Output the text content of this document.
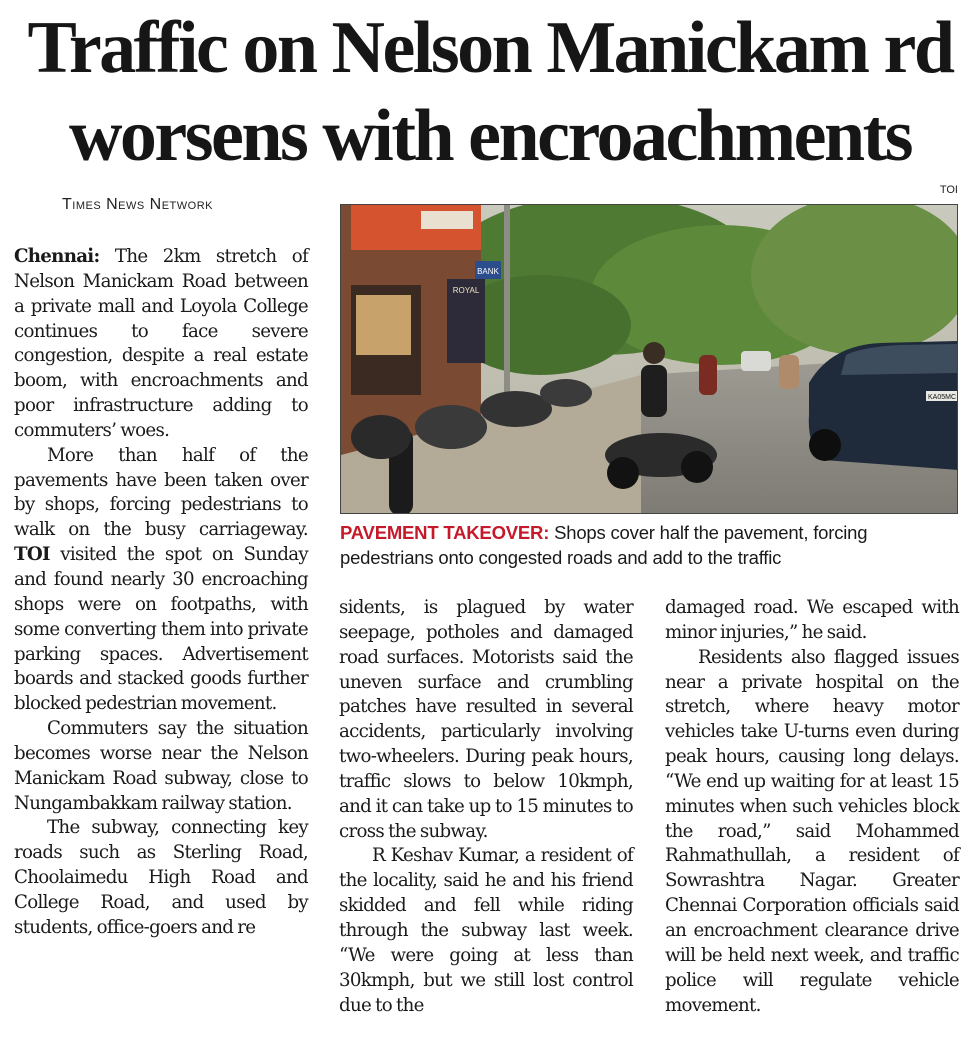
Traffic on Nelson Manickam rd
worsens with encroachments
Times News Network
TOI
ROYAL
BANK
KA05MC
PAVEMENT TAKEOVER: Shops cover half the pavement, forcing pedestrians onto congested roads and add to the traffic

Chennai: The 2km stretch of Nelson Manickam Road between a private mall and Loyola College continues to face severe congestion, despite a real estate boom, with encroachments and poor infrastructure adding to commuters’ woes.

More than half of the pavements have been taken over by shops, forcing pedestrians to walk on the busy carriageway. TOI visited the spot on Sunday and found nearly 30 encroaching shops were on footpaths, with some converting them into private parking spaces. Advertisement boards and stacked goods further blocked pedestrian movement.

Commuters say the situation becomes worse near the Nelson Manickam Road subway, close to Nungambakkam railway station.

The subway, connecting key roads such as Sterling Road, Choolaimedu High Road and College Road, and used by students, office-goers and re

sidents, is plagued by water seepage, potholes and damaged road surfaces. Motorists said the uneven surface and crumbling patches have resulted in several accidents, particularly involving two-wheelers. During peak hours, traffic slows to below 10kmph, and it can take up to 15 minutes to cross the subway.

R Keshav Kumar, a resident of the locality, said he and his friend skidded and fell while riding through the subway last week. “We were going at less than 30kmph, but we still lost control due to the

damaged road. We escaped with minor injuries,” he said.

Residents also flagged issues near a private hospital on the stretch, where heavy motor vehicles take U-turns even during peak hours, causing long delays. “We end up waiting for at least 15 minutes when such vehicles block the road,” said Mohammed Rahmathullah, a resident of Sowrashtra Nagar. Greater Chennai Corporation officials said an encroachment clearance drive will be held next week, and traffic police will regulate vehicle movement.
